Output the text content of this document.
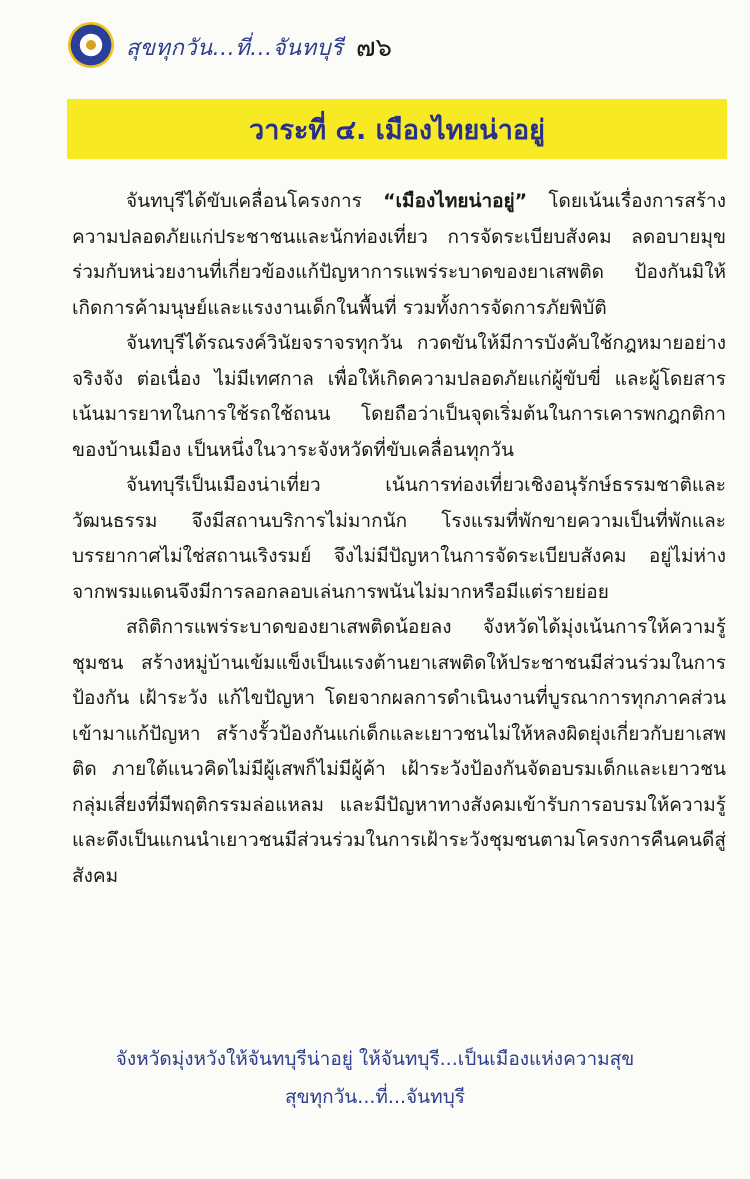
สุขทุกวัน...ที่...จันทบุรี ๗๖
วาระที่ ๔. เมืองไทยน่าอยู่

จันทบุรีได้ขับเคลื่อนโครงการ “เมืองไทยน่าอยู่” โดยเน้นเรื่องการสร้างความปลอดภัยแก่ประชาชนและนักท่องเที่ยว การจัดระเบียบสังคม ลดอบายมุข ร่วมกับหน่วยงานที่เกี่ยวข้องแก้ปัญหาการแพร่ระบาดของยาเสพติด ป้องกันมิให้เกิดการค้ามนุษย์และแรงงานเด็กในพื้นที่ รวมทั้งการจัดการภัยพิบัติ

จันทบุรีได้รณรงค์วินัยจราจรทุกวัน กวดขันให้มีการบังคับใช้กฎหมายอย่างจริงจัง ต่อเนื่อง ไม่มีเทศกาล เพื่อให้เกิดความปลอดภัยแก่ผู้ขับขี่ และผู้โดยสาร เน้นมารยาทในการใช้รถใช้ถนน โดยถือว่าเป็นจุดเริ่มต้นในการเคารพกฎกติกาของบ้านเมือง เป็นหนึ่งในวาระจังหวัดที่ขับเคลื่อนทุกวัน

จันทบุรีเป็นเมืองน่าเที่ยว เน้นการท่องเที่ยวเชิงอนุรักษ์ธรรมชาติและวัฒนธรรม จึงมีสถานบริการไม่มากนัก โรงแรมที่พักขายความเป็นที่พักและบรรยากาศไม่ใช่สถานเริงรมย์ จึงไม่มีปัญหาในการจัดระเบียบสังคม อยู่ไม่ห่างจากพรมแดนจึงมีการลอกลอบเล่นการพนันไม่มากหรือมีแต่รายย่อย

สถิติการแพร่ระบาดของยาเสพติดน้อยลง จังหวัดได้มุ่งเน้นการให้ความรู้ชุมชน สร้างหมู่บ้านเข้มแข็งเป็นแรงต้านยาเสพติดให้ประชาชนมีส่วนร่วมในการป้องกัน เฝ้าระวัง แก้ไขปัญหา โดยจากผลการดำเนินงานที่บูรณาการทุกภาคส่วนเข้ามาแก้ปัญหา สร้างรั้วป้องกันแก่เด็กและเยาวชนไม่ให้หลงผิดยุ่งเกี่ยวกับยาเสพติด ภายใต้แนวคิดไม่มีผู้เสพก็ไม่มีผู้ค้า เฝ้าระวังป้องกันจัดอบรมเด็กและเยาวชนกลุ่มเสี่ยงที่มีพฤติกรรมล่อแหลม และมีปัญหาทางสังคมเข้ารับการอบรมให้ความรู้และดึงเป็นแกนนำเยาวชนมีส่วนร่วมในการเฝ้าระวังชุมชนตามโครงการคืนคนดีสู่สังคม

จังหวัดมุ่งหวังให้จันทบุรีน่าอยู่ ให้จันทบุรี...เป็นเมืองแห่งความสุข
สุขทุกวัน...ที่...จันทบุรี
